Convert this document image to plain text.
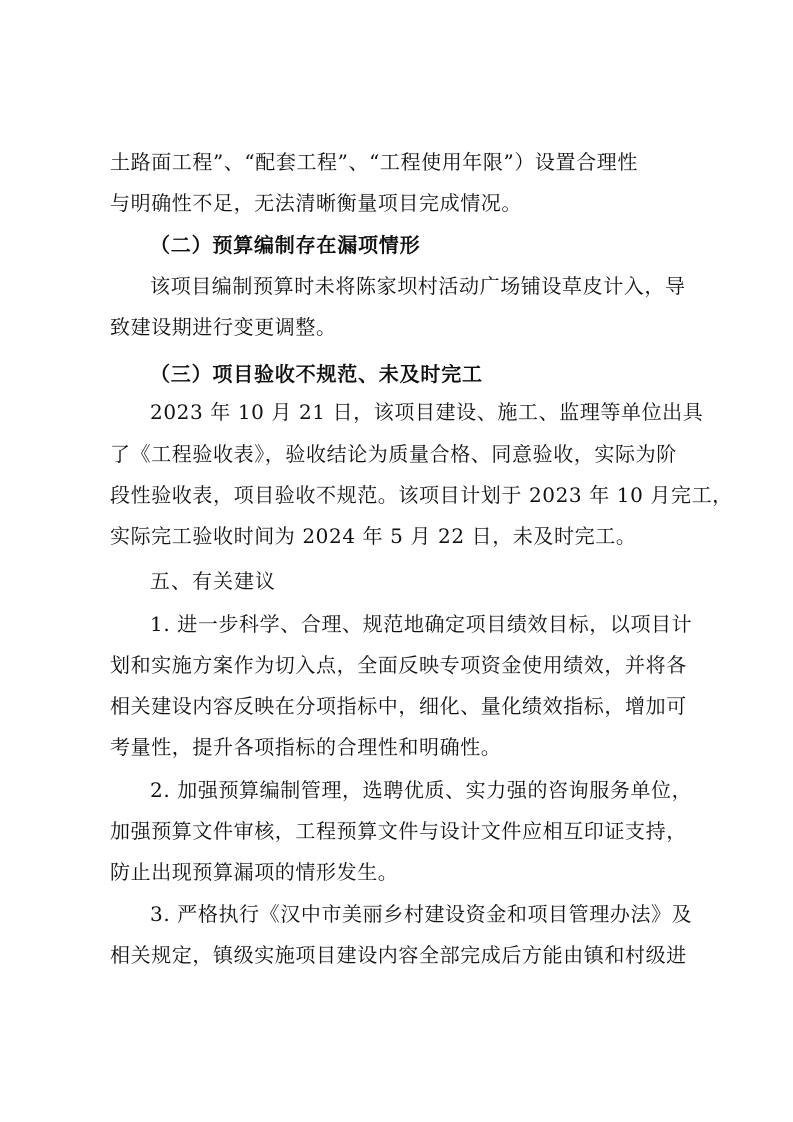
土路面工程”、“配套工程”、“工程使用年限”）设置合理性
与明确性不足，无法清晰衡量项目完成情况。
（二）预算编制存在漏项情形
该项目编制预算时未将陈家坝村活动广场铺设草皮计入，导
致建设期进行变更调整。
（三）项目验收不规范、未及时完工
2023 年 10 月 21 日，该项目建设、施工、监理等单位出具
了《工程验收表》，验收结论为质量合格、同意验收，实际为阶
段性验收表，项目验收不规范。该项目计划于 2023 年 10 月完工，
实际完工验收时间为 2024 年 5 月 22 日，未及时完工。
五、有关建议
1. 进一步科学、合理、规范地确定项目绩效目标，以项目计
划和实施方案作为切入点，全面反映专项资金使用绩效，并将各
相关建设内容反映在分项指标中，细化、量化绩效指标，增加可
考量性，提升各项指标的合理性和明确性。
2. 加强预算编制管理，选聘优质、实力强的咨询服务单位，
加强预算文件审核，工程预算文件与设计文件应相互印证支持，
防止出现预算漏项的情形发生。
3. 严格执行《汉中市美丽乡村建设资金和项目管理办法》及
相关规定，镇级实施项目建设内容全部完成后方能由镇和村级进
